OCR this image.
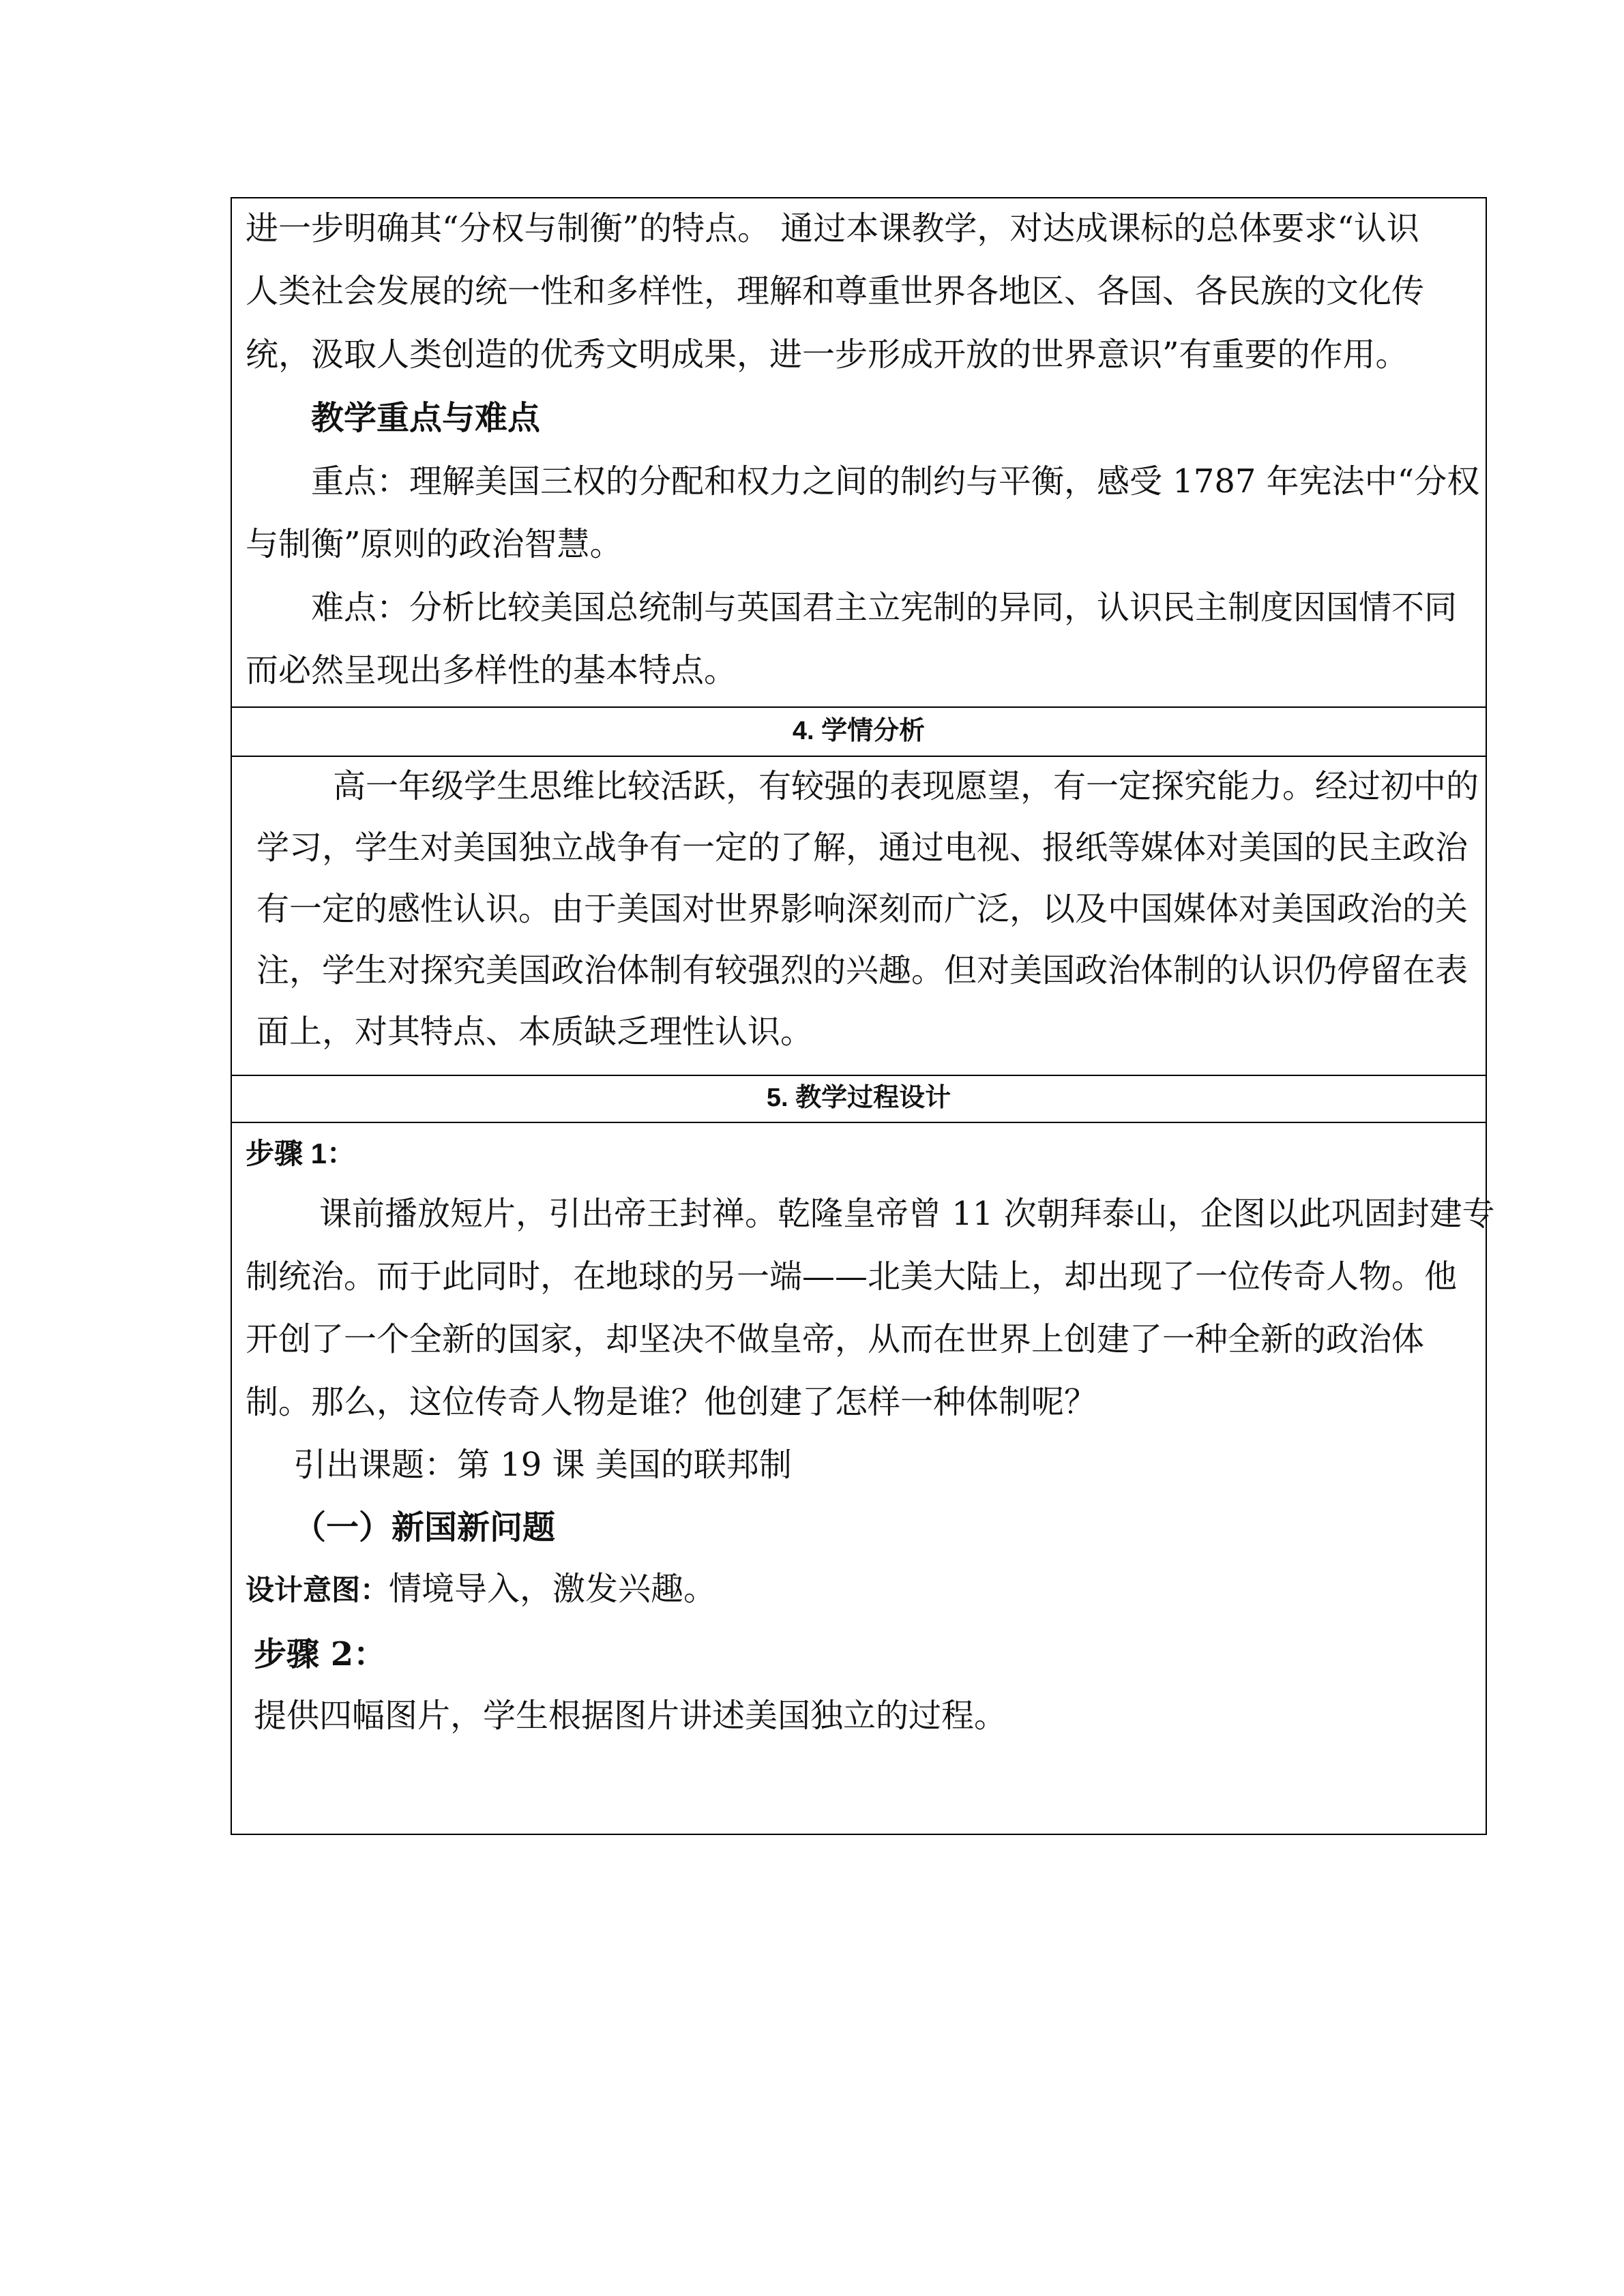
进一步明确其“分权与制衡”的特点。 通过本课教学，对达成课标的总体要求“认识
人类社会发展的统一性和多样性，理解和尊重世界各地区、各国、各民族的文化传
统，汲取人类创造的优秀文明成果，进一步形成开放的世界意识”有重要的作用。
教学重点与难点
重点：理解美国三权的分配和权力之间的制约与平衡，感受 1787 年宪法中“分权
与制衡”原则的政治智慧。
难点：分析比较美国总统制与英国君主立宪制的异同，认识民主制度因国情不同
而必然呈现出多样性的基本特点。
4. 学情分析
高一年级学生思维比较活跃，有较强的表现愿望，有一定探究能力。经过初中的
学习，学生对美国独立战争有一定的了解，通过电视、报纸等媒体对美国的民主政治
有一定的感性认识。由于美国对世界影响深刻而广泛，以及中国媒体对美国政治的关
注，学生对探究美国政治体制有较强烈的兴趣。但对美国政治体制的认识仍停留在表
面上，对其特点、本质缺乏理性认识。
5. 教学过程设计
步骤 1：
课前播放短片，引出帝王封禅。乾隆皇帝曾 11 次朝拜泰山，企图以此巩固封建专
制统治。而于此同时，在地球的另一端——北美大陆上，却出现了一位传奇人物。他
开创了一个全新的国家，却坚决不做皇帝，从而在世界上创建了一种全新的政治体
制。那么，这位传奇人物是谁？他创建了怎样一种体制呢？
引出课题：第 19 课 美国的联邦制
（一）新国新问题
设计意图：情境导入，激发兴趣。
步骤 2：
提供四幅图片，学生根据图片讲述美国独立的过程。
